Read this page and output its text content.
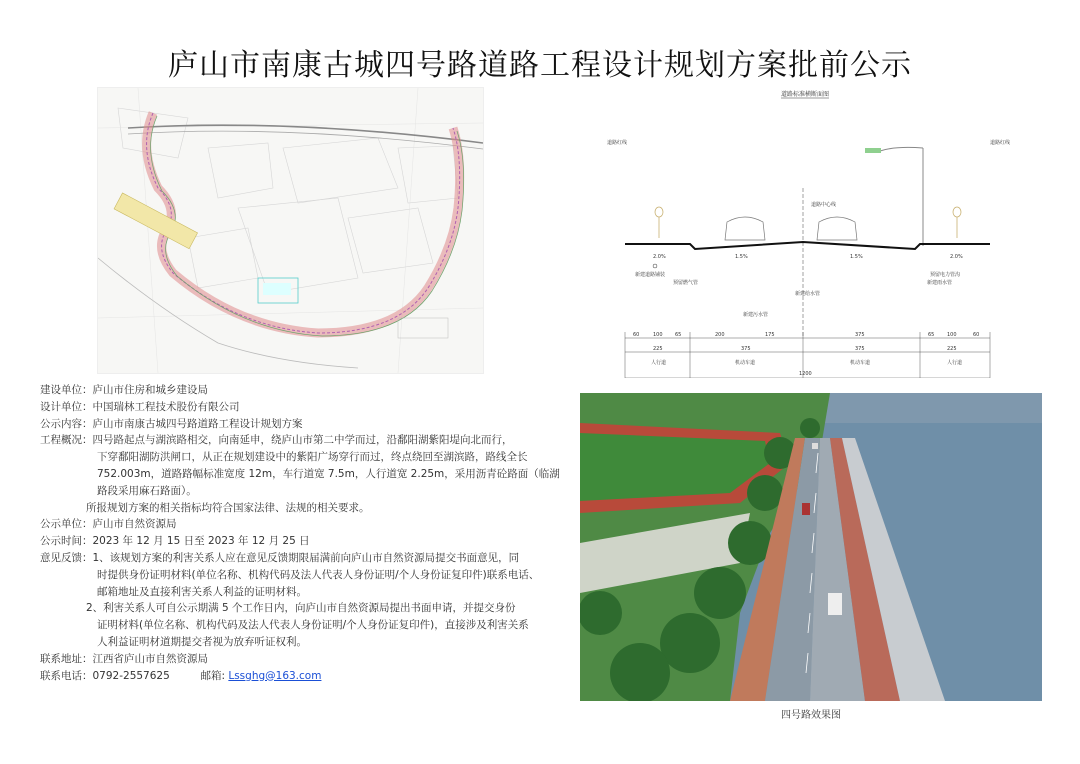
庐山市南康古城四号路道路工程设计规划方案批前公示
道路标准横断面图
道路红线	道路红线
道路中心线
2.0%	1.5%	1.5%	2.0%
新建道路铺装
预留燃气管
新建给水管
新建污水管
预留电力管沟
新建雨水管
60	100 65	200	175	375	65	100	60
225	375	375	225
人行道	机动车道	机动车道	人行道
1200
建设单位：庐山市住房和城乡建设局
设计单位：中国瑞林工程技术股份有限公司
公示内容：庐山市南康古城四号路道路工程设计规划方案
工程概况：四号路起点与湖滨路相交，向南延申，绕庐山市第二中学而过，沿鄱阳湖紫阳堤向北而行，
下穿鄱阳湖防洪闸口，从正在规划建设中的紫阳广场穿行而过，终点绕回至湖滨路，路线全长
752.003m，道路路幅标准宽度 12m，车行道宽 7.5m，人行道宽 2.25m，采用沥青砼路面（临湖
路段采用麻石路面）。
所报规划方案的相关指标均符合国家法律、法规的相关要求。
公示单位：庐山市自然资源局
公示时间：2023 年 12 月 15 日至 2023 年 12 月 25 日
意见反馈：1、该规划方案的利害关系人应在意见反馈期限届满前向庐山市自然资源局提交书面意见，同
时提供身份证明材料(单位名称、机构代码及法人代表人身份证明/个人身份证复印件)联系电话、
邮箱地址及直接利害关系人利益的证明材料。
2、利害关系人可自公示期满 5 个工作日内，向庐山市自然资源局提出书面申请，并提交身份
证明材料(单位名称、机构代码及法人代表人身份证明/个人身份证复印件)，直接涉及利害关系
人利益证明材道期提交者视为放弃听证权利。
联系地址：江西省庐山市自然资源局
联系电话：0792-2557625	邮箱: Lssghg@163.com
四号路效果图
